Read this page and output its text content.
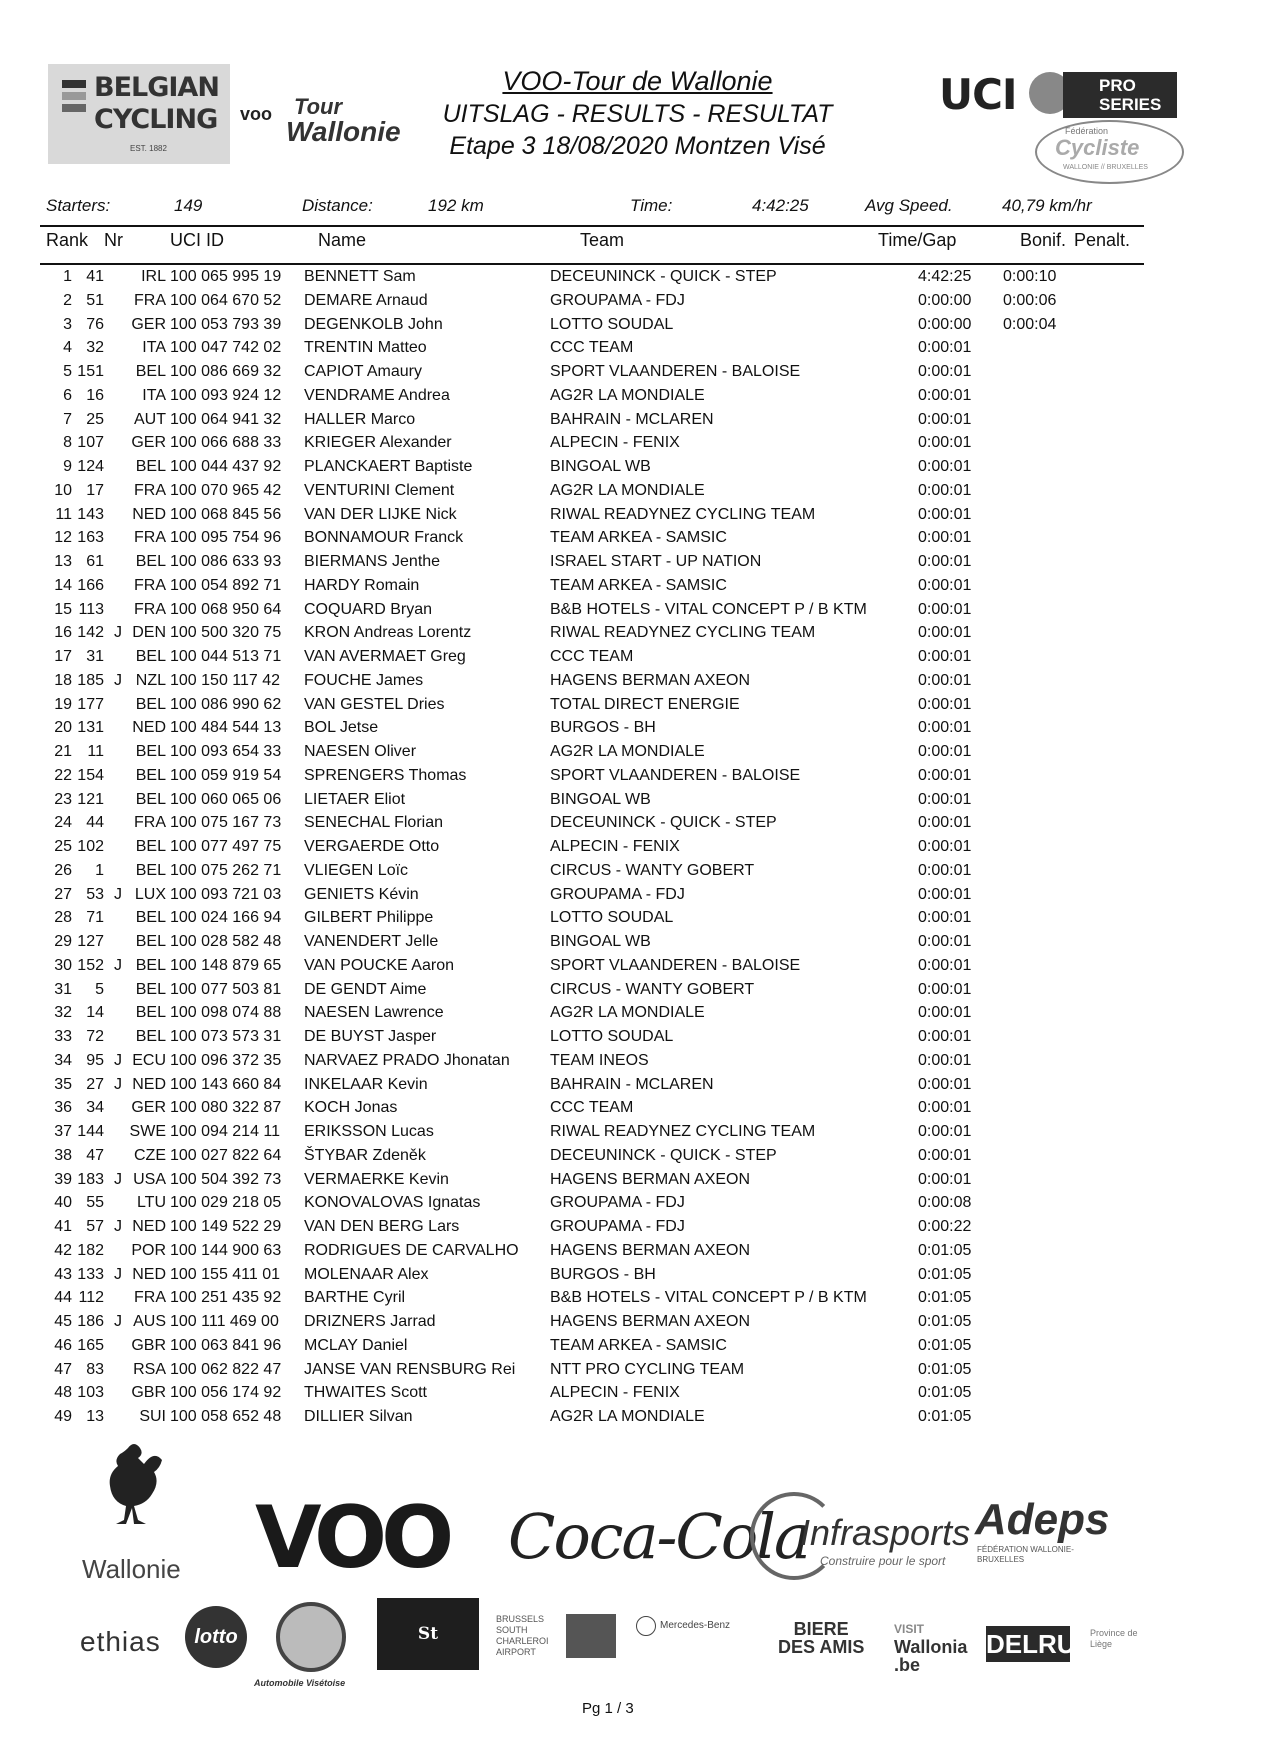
BELGIAN
CYCLING
EST. 1882
voo Tour
Wallonie
VOO-Tour de Wallonie
UITSLAG - RESULTS - RESULTAT
Etape 3 18/08/2020 Montzen Visé
UCI	PRO
SERIES
Fédération
Cycliste
WALLONIE // BRUXELLES
Starters:	149	Distance:	192 km	Time:	4:42:25	Avg Speed.	40,79 km/hr
Rank Nr	UCI ID	Name	Team	Time/Gap	Bonif. Penalt.
1 41	IRL 100 065 995 19 BENNETT Sam	DECEUNINCK - QUICK - STEP	4:42:25 0:00:10
2 51	FRA 100 064 670 52 DEMARE Arnaud	GROUPAMA - FDJ	0:00:00 0:00:06
3 76	GER 100 053 793 39 DEGENKOLB John	LOTTO SOUDAL	0:00:00 0:00:04
4 32	ITA 100 047 742 02 TRENTIN Matteo	CCC TEAM	0:00:01
5 151	BEL 100 086 669 32 CAPIOT Amaury	SPORT VLAANDEREN - BALOISE	0:00:01
6 16	ITA 100 093 924 12 VENDRAME Andrea	AG2R LA MONDIALE	0:00:01
7 25	AUT 100 064 941 32 HALLER Marco	BAHRAIN - MCLAREN	0:00:01
8 107	GER 100 066 688 33 KRIEGER Alexander	ALPECIN - FENIX	0:00:01
9 124	BEL 100 044 437 92 PLANCKAERT Baptiste	BINGOAL WB	0:00:01
10 17	FRA 100 070 965 42 VENTURINI Clement	AG2R LA MONDIALE	0:00:01
11 143	NED 100 068 845 56 VAN DER LIJKE Nick	RIWAL READYNEZ CYCLING TEAM	0:00:01
12 163	FRA 100 095 754 96 BONNAMOUR Franck	TEAM ARKEA - SAMSIC	0:00:01
13 61	BEL 100 086 633 93 BIERMANS Jenthe	ISRAEL START - UP NATION	0:00:01
14 166	FRA 100 054 892 71 HARDY Romain	TEAM ARKEA - SAMSIC	0:00:01
15 113	FRA 100 068 950 64 COQUARD Bryan	B&B HOTELS - VITAL CONCEPT P / B KTM	0:00:01
16 142 J DEN 100 500 320 75 KRON Andreas Lorentz	RIWAL READYNEZ CYCLING TEAM	0:00:01
17 31	BEL 100 044 513 71 VAN AVERMAET Greg	CCC TEAM	0:00:01
18 185 J NZL 100 150 117 42 FOUCHE James	HAGENS BERMAN AXEON	0:00:01
19 177	BEL 100 086 990 62 VAN GESTEL Dries	TOTAL DIRECT ENERGIE	0:00:01
20 131	NED 100 484 544 13 BOL Jetse	BURGOS - BH	0:00:01
21 11	BEL 100 093 654 33 NAESEN Oliver	AG2R LA MONDIALE	0:00:01
22 154	BEL 100 059 919 54 SPRENGERS Thomas	SPORT VLAANDEREN - BALOISE	0:00:01
23 121	BEL 100 060 065 06 LIETAER Eliot	BINGOAL WB	0:00:01
24 44	FRA 100 075 167 73 SENECHAL Florian	DECEUNINCK - QUICK - STEP	0:00:01
25 102	BEL 100 077 497 75 VERGAERDE Otto	ALPECIN - FENIX	0:00:01
26	1	BEL 100 075 262 71 VLIEGEN Loïc	CIRCUS - WANTY GOBERT	0:00:01
27 53 J LUX 100 093 721 03 GENIETS Kévin	GROUPAMA - FDJ	0:00:01
28 71	BEL 100 024 166 94 GILBERT Philippe	LOTTO SOUDAL	0:00:01
29 127	BEL 100 028 582 48 VANENDERT Jelle	BINGOAL WB	0:00:01
30 152 J BEL 100 148 879 65 VAN POUCKE Aaron	SPORT VLAANDEREN - BALOISE	0:00:01
31	5	BEL 100 077 503 81 DE GENDT Aime	CIRCUS - WANTY GOBERT	0:00:01
32 14	BEL 100 098 074 88 NAESEN Lawrence	AG2R LA MONDIALE	0:00:01
33 72	BEL 100 073 573 31 DE BUYST Jasper	LOTTO SOUDAL	0:00:01
34 95 J ECU 100 096 372 35 NARVAEZ PRADO Jhonatan	TEAM INEOS	0:00:01
35 27 J NED 100 143 660 84 INKELAAR Kevin	BAHRAIN - MCLAREN	0:00:01
36 34	GER 100 080 322 87 KOCH Jonas	CCC TEAM	0:00:01
37 144	SWE 100 094 214 11 ERIKSSON Lucas	RIWAL READYNEZ CYCLING TEAM	0:00:01
38 47	CZE 100 027 822 64 ŠTYBAR Zdeněk	DECEUNINCK - QUICK - STEP	0:00:01
39 183 J USA 100 504 392 73 VERMAERKE Kevin	HAGENS BERMAN AXEON	0:00:01
40 55	LTU 100 029 218 05 KONOVALOVAS Ignatas	GROUPAMA - FDJ	0:00:08
41 57 J NED 100 149 522 29 VAN DEN BERG Lars	GROUPAMA - FDJ	0:00:22
42 182	POR 100 144 900 63 RODRIGUES DE CARVALHO HAGENS BERMAN AXEON	0:01:05
43 133 J NED 100 155 411 01 MOLENAAR Alex	BURGOS - BH	0:01:05
44 112	FRA 100 251 435 92 BARTHE Cyril	B&B HOTELS - VITAL CONCEPT P / B KTM	0:01:05
45 186 J AUS 100 111 469 00 DRIZNERS Jarrad	HAGENS BERMAN AXEON	0:01:05
46 165	GBR 100 063 841 96 MCLAY Daniel	TEAM ARKEA - SAMSIC	0:01:05
47 83	RSA 100 062 822 47 JANSE VAN RENSBURG Rei NTT PRO CYCLING TEAM	0:01:05
48 103	GBR 100 056 174 92 THWAITES Scott	ALPECIN - FENIX	0:01:05
49 13	SUI 100 058 652 48 DILLIER Silvan	AG2R LA MONDIALE	0:01:05
Wallonie VOO Coca-Cola
Infrasports
Construire pour le sport
Adeps
FÉDÉRATION WALLONIE-BRUXELLES
ethias	lotto
Automobile Visétoise
St Feuillien
BRUSSELS SOUTH CHARLEROI AIRPORT
Mercedes-Benz	BIERE
DES AMIS
VISIT
Wallonia
.be
DELRUE
Province de Liège
Pg 1 / 3
